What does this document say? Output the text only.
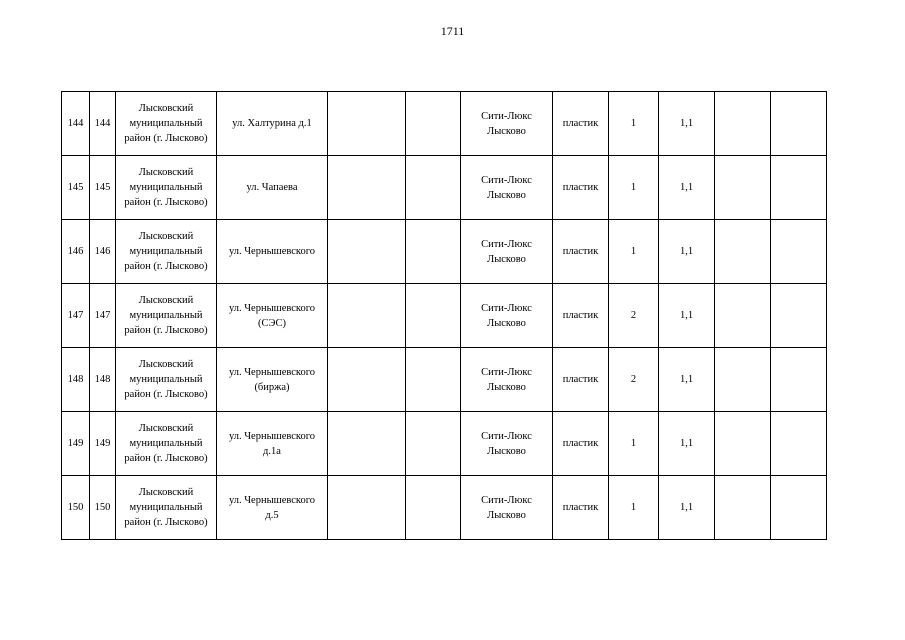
1711
144	144	Лысковский
муниципальный
район (г. Лысково)	ул. Халтурина д.1			Сити-Люкс
Лысково	пластик	1	1,1		
145	145	Лысковский
муниципальный
район (г. Лысково)	ул. Чапаева			Сити-Люкс
Лысково	пластик	1	1,1		
146	146	Лысковский
муниципальный
район (г. Лысково)	ул. Чернышевского			Сити-Люкс
Лысково	пластик	1	1,1		
147	147	Лысковский
муниципальный
район (г. Лысково)	ул. Чернышевского
(СЭС)			Сити-Люкс
Лысково	пластик	2	1,1		
148	148	Лысковский
муниципальный
район (г. Лысково)	ул. Чернышевского
(биржа)			Сити-Люкс
Лысково	пластик	2	1,1		
149	149	Лысковский
муниципальный
район (г. Лысково)	ул. Чернышевского
д.1а			Сити-Люкс
Лысково	пластик	1	1,1		
150	150	Лысковский
муниципальный
район (г. Лысково)	ул. Чернышевского
д.5			Сити-Люкс
Лысково	пластик	1	1,1		
